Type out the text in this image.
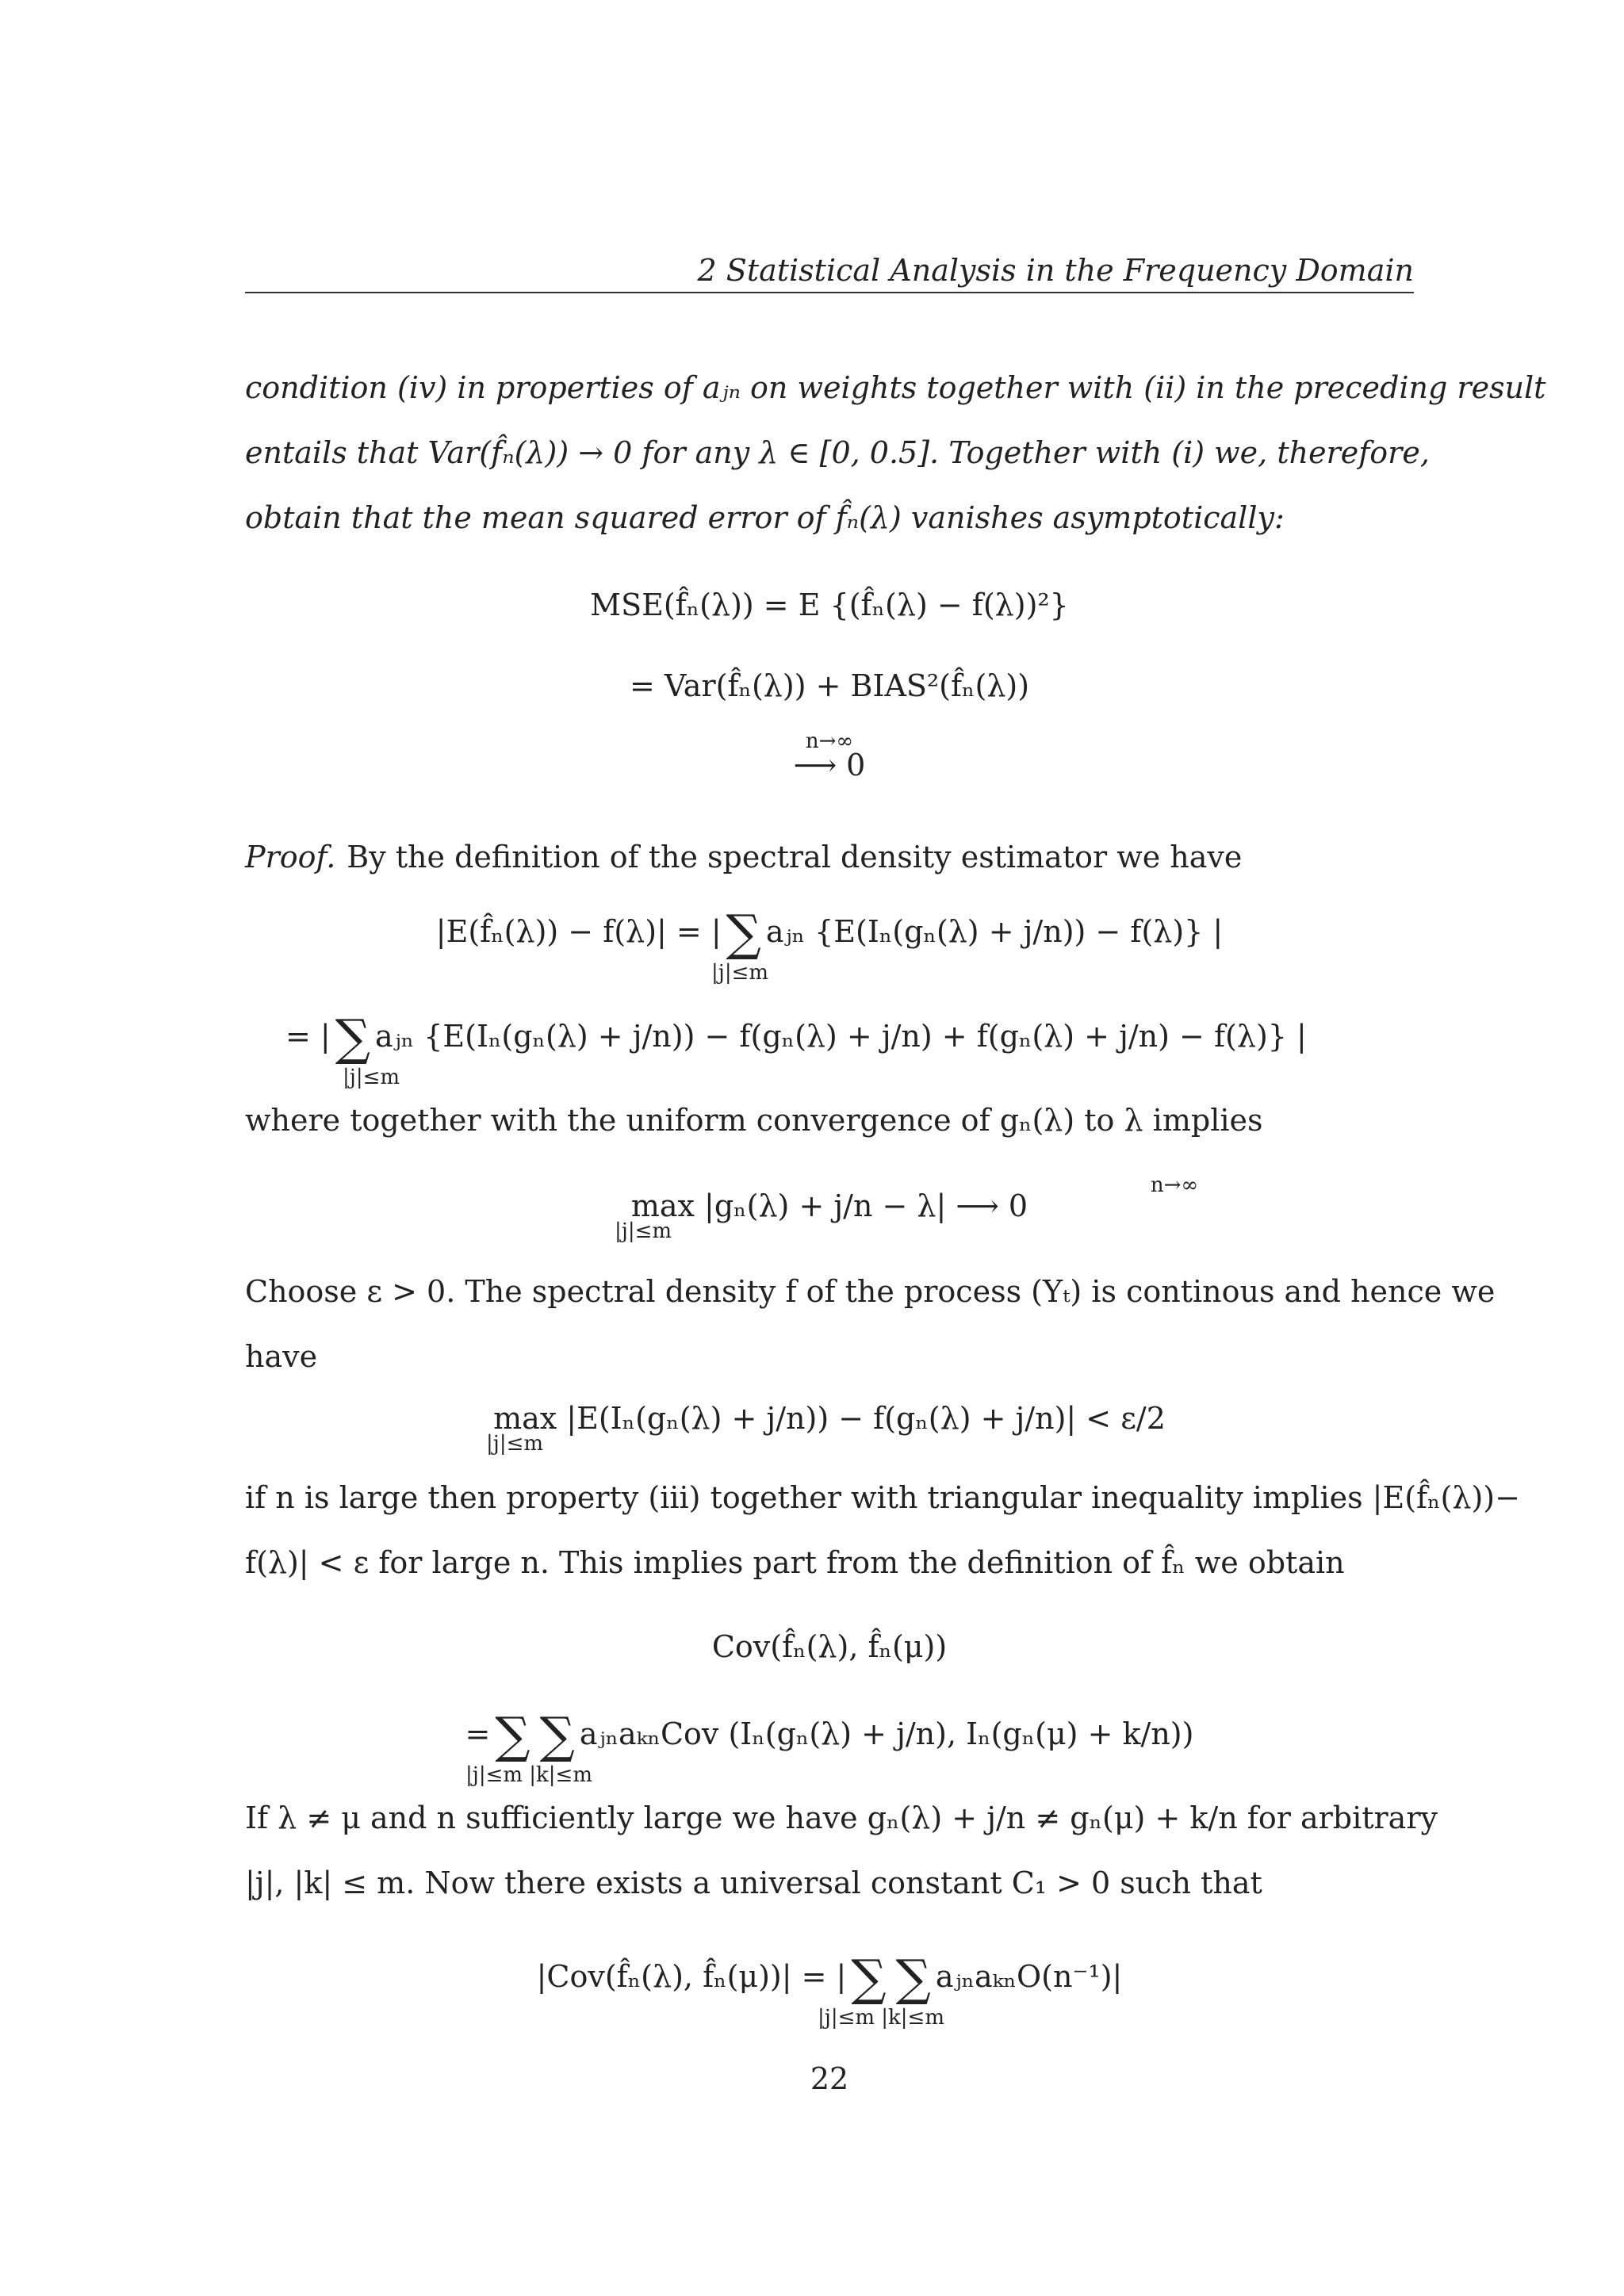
2 Statistical Analysis in the Frequency Domain
condition (iv) in properties of aⱼₙ on weights together with (ii) in the preceding result
entails that Var(f̂ₙ(λ)) → 0 for any λ ∈ [0, 0.5]. Together with (i) we, therefore,
obtain that the mean squared error of f̂ₙ(λ) vanishes asymptotically:
MSE(f̂ₙ(λ)) = E {(f̂ₙ(λ) − f(λ))²}
= Var(f̂ₙ(λ)) + BIAS²(f̂ₙ(λ))
n→∞
⟶ 0
Proof. By the definition of the spectral density estimator we have
|E(f̂ₙ(λ)) − f(λ)| = |∑ aⱼₙ {E(Iₙ(gₙ(λ) + j/n)) − f(λ)} |
|j|≤m
= |∑ aⱼₙ {E(Iₙ(gₙ(λ) + j/n)) − f(gₙ(λ) + j/n) + f(gₙ(λ) + j/n) − f(λ)} |
|j|≤m
where together with the uniform convergence of gₙ(λ) to λ implies
n→∞
max |gₙ(λ) + j/n − λ| ⟶ 0
|j|≤m
Choose ε > 0. The spectral density f of the process (Yₜ) is continous and hence we
have
max |E(Iₙ(gₙ(λ) + j/n)) − f(gₙ(λ) + j/n)| < ε/2
|j|≤m
if n is large then property (iii) together with triangular inequality implies |E(f̂ₙ(λ))−
f(λ)| < ε for large n. This implies part from the definition of f̂ₙ we obtain
Cov(f̂ₙ(λ), f̂ₙ(μ))
=∑ ∑ aⱼₙaₖₙCov (Iₙ(gₙ(λ) + j/n), Iₙ(gₙ(μ) + k/n))
|j|≤m |k|≤m
If λ ≠ μ and n sufficiently large we have gₙ(λ) + j/n ≠ gₙ(μ) + k/n for arbitrary
|j|, |k| ≤ m. Now there exists a universal constant C₁ > 0 such that
|Cov(f̂ₙ(λ), f̂ₙ(μ))| = |∑ ∑ aⱼₙaₖₙO(n⁻¹)|
|j|≤m |k|≤m
22
